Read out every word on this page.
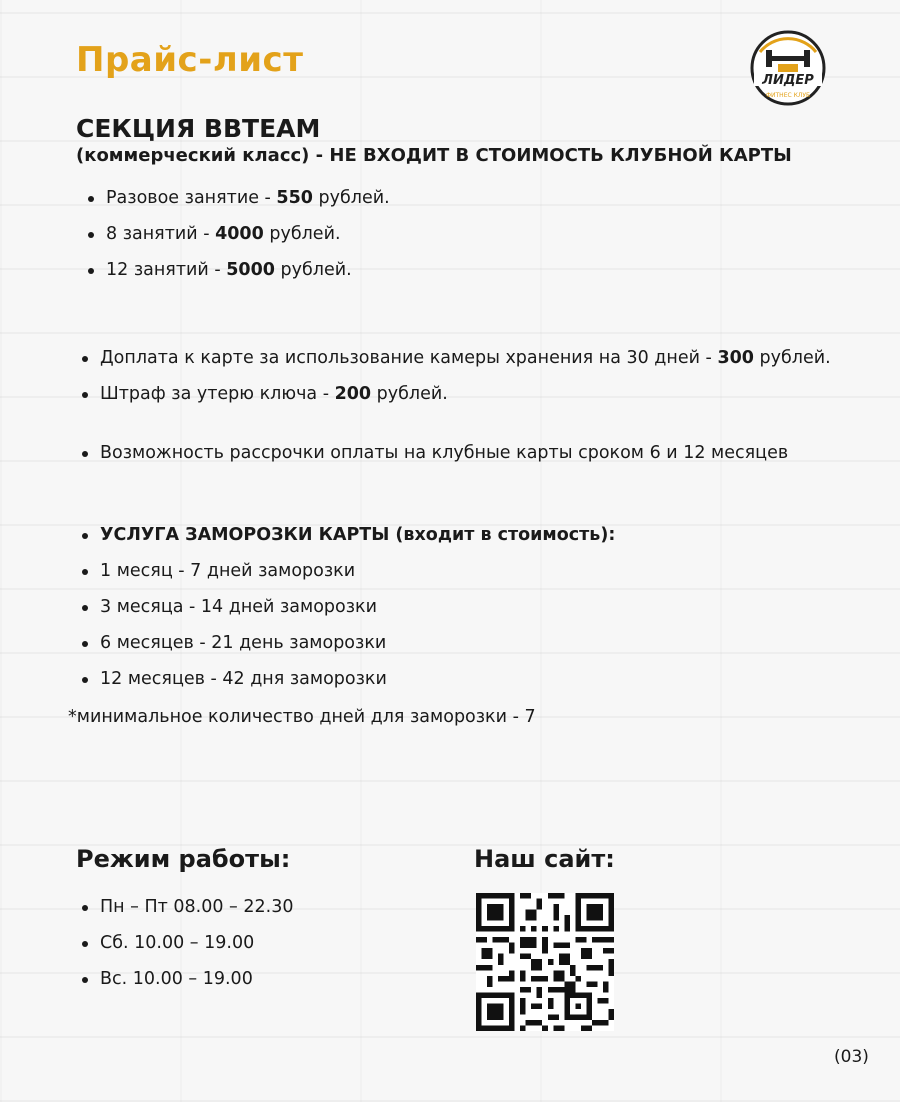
Прайс-лист
ЛИДЕР
ФИТНЕС КЛУБ
СЕКЦИЯ BBTEAM
(коммерческий класс) - НЕ ВХОДИТ В СТОИМОСТЬ КЛУБНОЙ КАРТЫ
Разовое занятие - 550 рублей.
8 занятий - 4000 рублей.
12 занятий - 5000 рублей.
Доплата к карте за использование камеры хранения на 30 дней - 300 рублей.
Штраф за утерю ключа - 200 рублей.
Возможность рассрочки оплаты на клубные карты сроком 6 и 12 месяцев
УСЛУГА ЗАМОРОЗКИ КАРТЫ (входит в стоимость):
1 месяц - 7 дней заморозки
3 месяца - 14 дней заморозки
6 месяцев - 21 день заморозки
12 месяцев - 42 дня заморозки
*минимальное количество дней для заморозки - 7
Режим работы:	Наш сайт:
Пн – Пт 08.00 – 22.30
Сб. 10.00 – 19.00
Вс. 10.00 – 19.00
(03)
